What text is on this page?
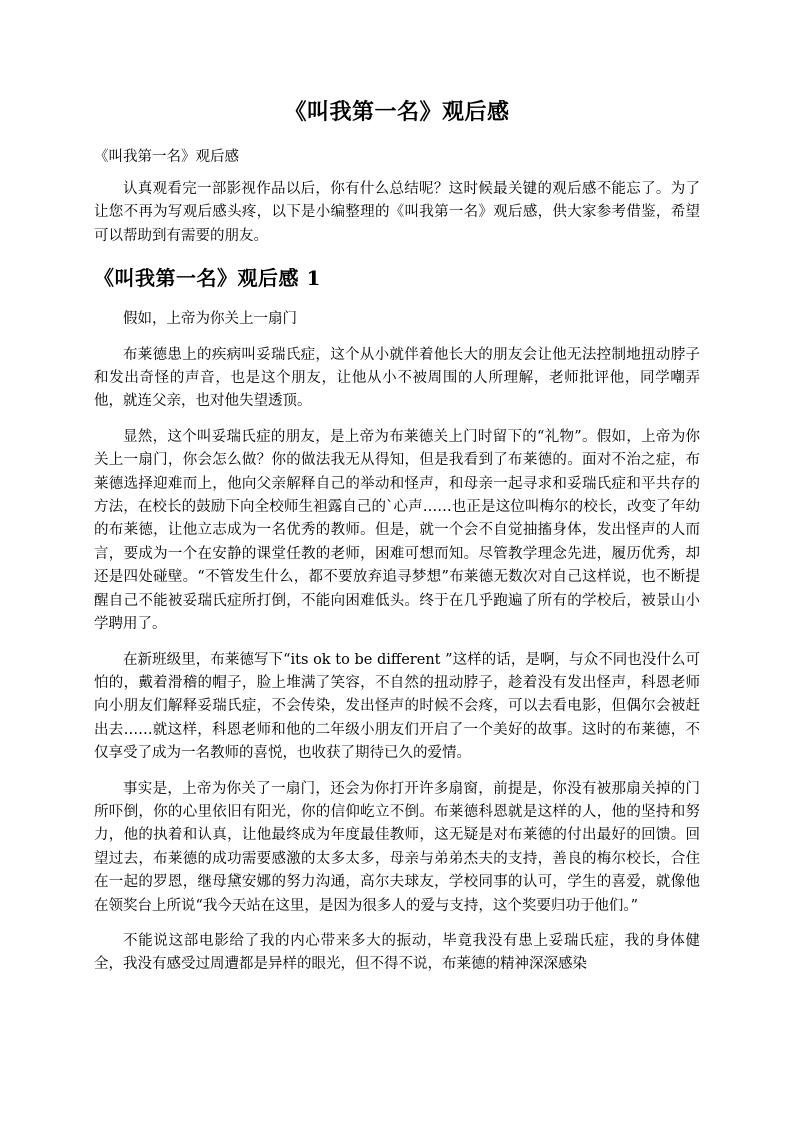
《叫我第一名》观后感
《叫我第一名》观后感

认真观看完一部影视作品以后，你有什么总结呢？这时候最关键的观后感不能忘了。为了让您不再为写观后感头疼，以下是小编整理的《叫我第一名》观后感，供大家参考借鉴，希望可以帮助到有需要的朋友。

《叫我第一名》观后感 1

假如，上帝为你关上一扇门

布莱德患上的疾病叫妥瑞氏症，这个从小就伴着他长大的朋友会让他无法控制地扭动脖子和发出奇怪的声音，也是这个朋友，让他从小不被周围的人所理解，老师批评他，同学嘲弄他，就连父亲，也对他失望透顶。

显然，这个叫妥瑞氏症的朋友，是上帝为布莱德关上门时留下的“礼物”。假如，上帝为你关上一扇门，你会怎么做？你的做法我无从得知，但是我看到了布莱德的。面对不治之症，布莱德选择迎难而上，他向父亲解释自己的举动和怪声，和母亲一起寻求和妥瑞氏症和平共存的方法，在校长的鼓励下向全校师生袒露自己的`心声……也正是这位叫梅尔的校长，改变了年幼的布莱德，让他立志成为一名优秀的教师。但是，就一个会不自觉抽搐身体，发出怪声的人而言，要成为一个在安静的课堂任教的老师，困难可想而知。尽管教学理念先进，履历优秀，却还是四处碰壁。“不管发生什么，都不要放弃追寻梦想”布莱德无数次对自己这样说，也不断提醒自己不能被妥瑞氏症所打倒，不能向困难低头。终于在几乎跑遍了所有的学校后，被景山小学聘用了。

在新班级里，布莱德写下“its ok to be different ”这样的话，是啊，与众不同也没什么可怕的，戴着滑稽的帽子，脸上堆满了笑容，不自然的扭动脖子，趁着没有发出怪声，科恩老师向小朋友们解释妥瑞氏症，不会传染，发出怪声的时候不会疼，可以去看电影，但偶尔会被赶出去……就这样，科恩老师和他的二年级小朋友们开启了一个美好的故事。这时的布莱德，不仅享受了成为一名教师的喜悦，也收获了期待已久的爱情。

事实是，上帝为你关了一扇门，还会为你打开许多扇窗，前提是，你没有被那扇关掉的门所吓倒，你的心里依旧有阳光，你的信仰屹立不倒。布莱德科恩就是这样的人，他的坚持和努力，他的执着和认真，让他最终成为年度最佳教师，这无疑是对布莱德的付出最好的回馈。回望过去，布莱德的成功需要感激的太多太多，母亲与弟弟杰夫的支持，善良的梅尔校长，合住在一起的罗恩，继母黛安娜的努力沟通，高尔夫球友，学校同事的认可，学生的喜爱，就像他在领奖台上所说“我今天站在这里，是因为很多人的爱与支持，这个奖要归功于他们。”

不能说这部电影给了我的内心带来多大的振动，毕竟我没有患上妥瑞氏症，我的身体健全，我没有感受过周遭都是异样的眼光，但不得不说，布莱德的精神深深感染
